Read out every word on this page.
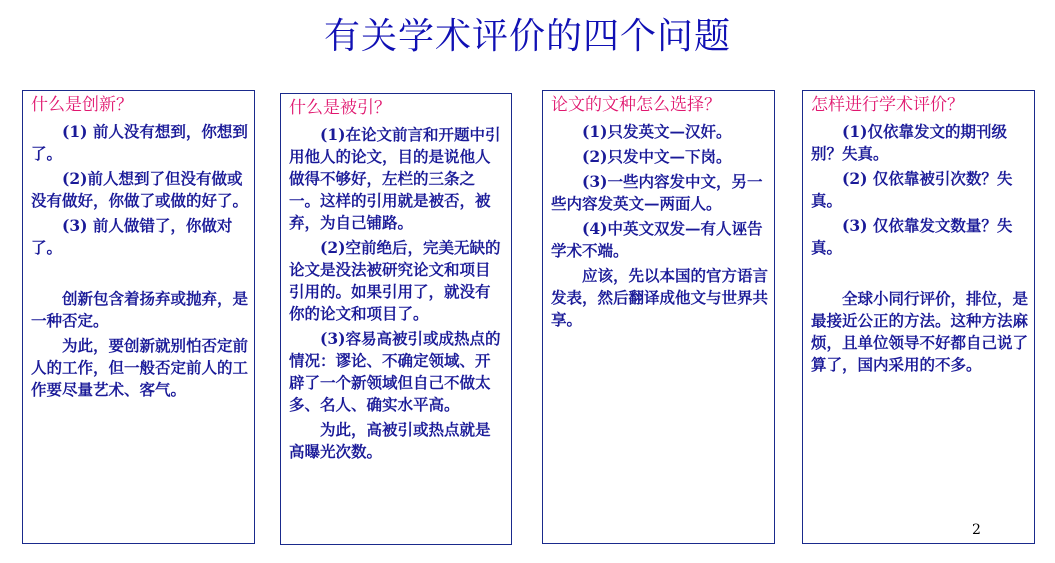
有关学术评价的四个问题
什么是创新？

(1) 前人没有想到，你想到了。

(2)前人想到了但没有做或没有做好，你做了或做的好了。

(3) 前人做错了，你做对了。

创新包含着扬弃或抛弃，是一种否定。

为此，要创新就别怕否定前人的工作，但一般否定前人的工作要尽量艺术、客气。

什么是被引？

(1)在论文前言和开题中引用他人的论文，目的是说他人做得不够好，左栏的三条之一。这样的引用就是被否，被弃，为自己铺路。

(2)空前绝后，完美无缺的论文是没法被研究论文和项目引用的。如果引用了，就没有你的论文和项目了。

(3)容易高被引或成热点的情况：谬论、不确定领域、开辟了一个新领域但自己不做太多、名人、确实水平高。

为此，高被引或热点就是高曝光次数。

论文的文种怎么选择？

(1)只发英文—汉奸。

(2)只发中文—下岗。

(3)一些内容发中文，另一些内容发英文—两面人。

(4)中英文双发—有人诬告学术不端。

应该，先以本国的官方语言发表，然后翻译成他文与世界共享。

怎样进行学术评价？

(1)仅依靠发文的期刊级别？失真。

(2) 仅依靠被引次数？失真。

(3) 仅依靠发文数量？失真。

全球小同行评价，排位，是最接近公正的方法。这种方法麻烦，且单位领导不好都自己说了算了，国内采用的不多。

2
